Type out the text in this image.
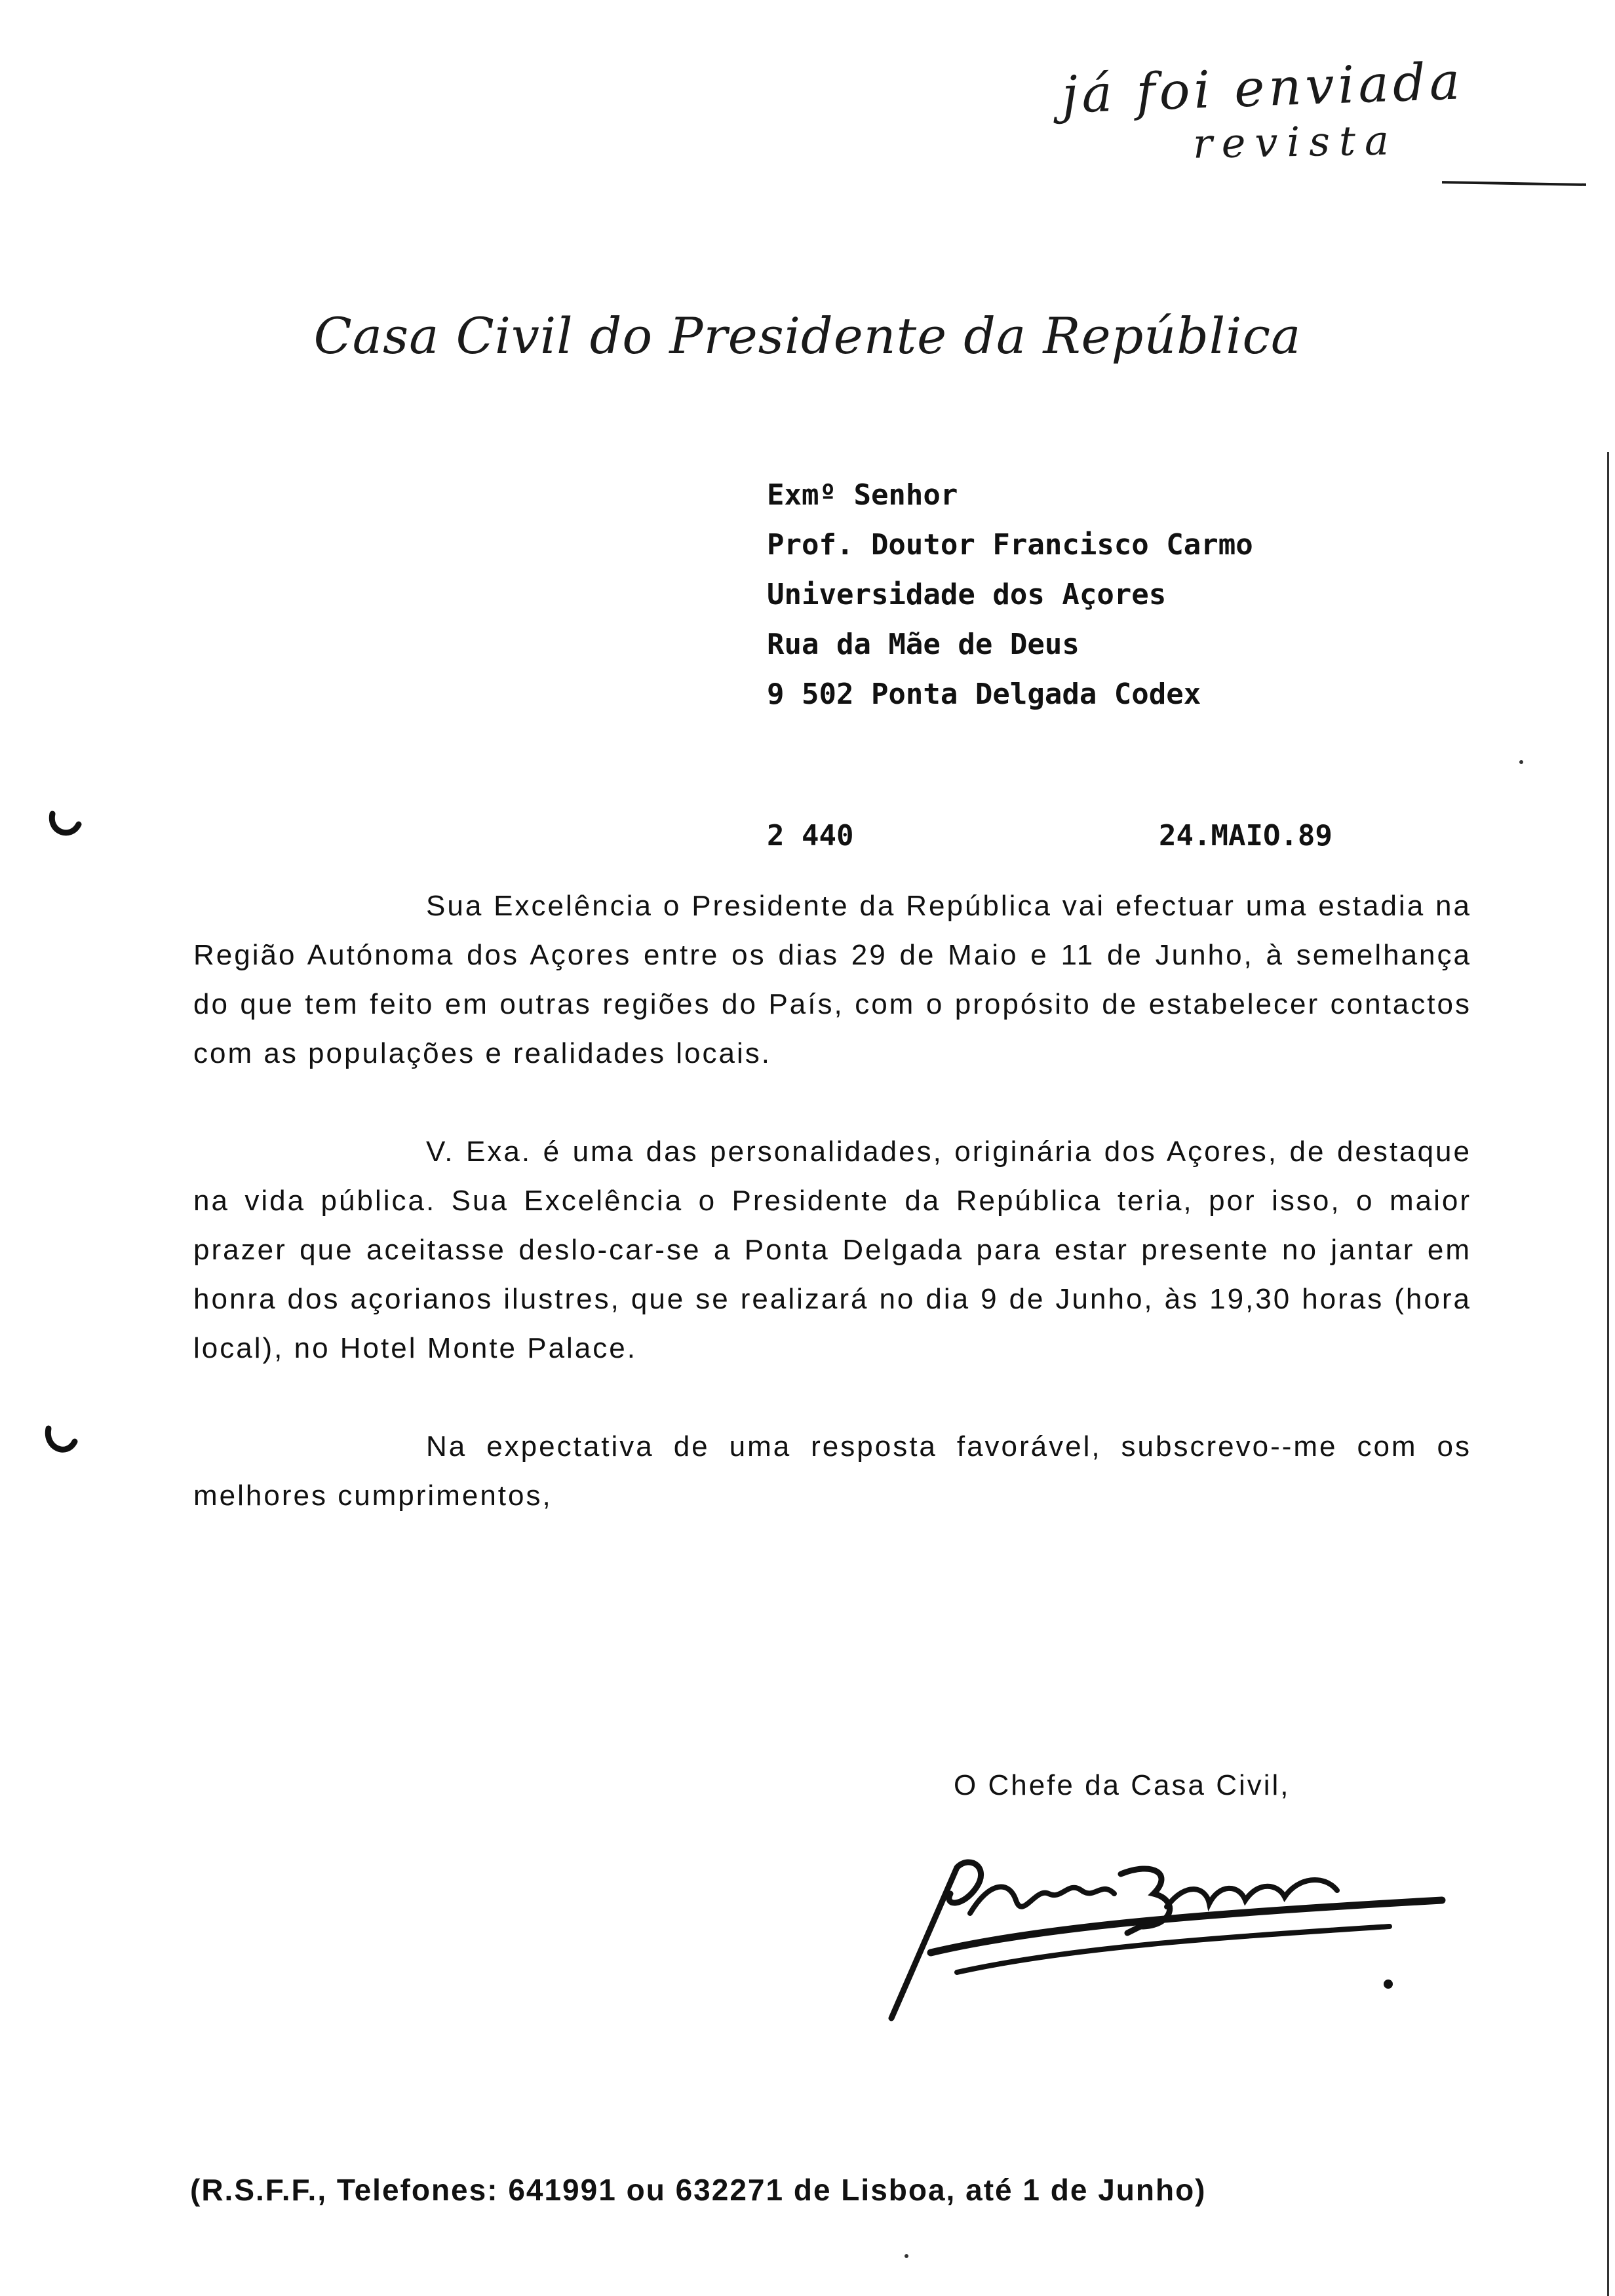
já foi enviada
revista
Casa Civil do Presidente da República
Exmº Senhor
Prof. Doutor Francisco Carmo
Universidade dos Açores
Rua da Mãe de Deus
9 502 Ponta Delgada Codex
2 440	24.MAIO.89

Sua Excelência o Presidente da República vai efectuar uma estadia na Região Autónoma dos Açores entre os dias 29 de Maio e 11 de Junho, à semelhança do que tem feito em outras regiões do País, com o propósito de estabelecer contactos com as populações e realidades locais.

V. Exa. é uma das personalidades, originária dos Açores, de destaque na vida pública. Sua Excelência o Presidente da República teria, por isso, o maior prazer que aceitasse deslo-car-se a Ponta Delgada para estar presente no jantar em honra dos açorianos ilustres, que se realizará no dia 9 de Junho, às 19,30 horas (hora local), no Hotel Monte Palace.

Na expectativa de uma resposta favorável, subscrevo--me com os melhores cumprimentos,

O Chefe da Casa Civil,
(R.S.F.F., Telefones: 641991 ou 632271 de Lisboa, até 1 de Junho)
